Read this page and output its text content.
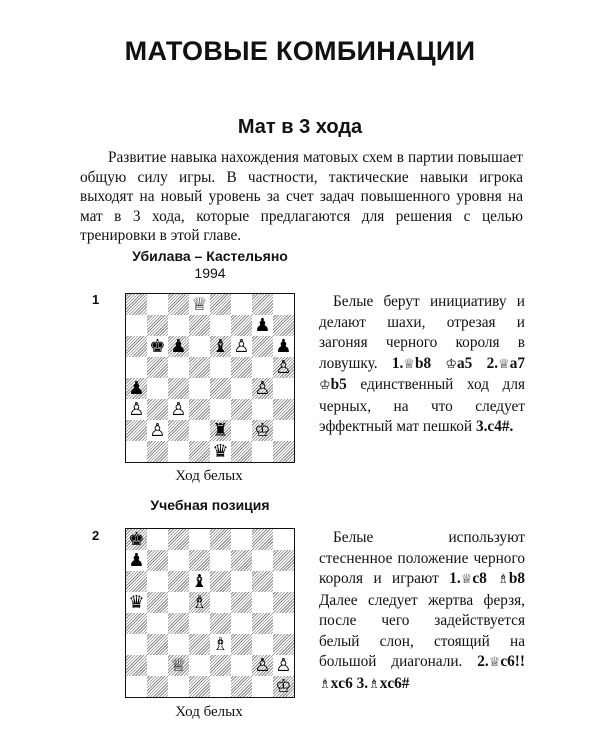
МАТОВЫЕ КОМБИНАЦИИ
Мат в 3 хода

Развитие навыка нахождения матовых схем в партии повышает общую силу игры. В частности, тактические навыки игрока выходят на новый уровень за счет задач повышенного уровня на мат в 3 хода, которые предлагаются для решения с целью тренировки в этой главе.

Убилава – Кастельяно
1994
1	♕
♟
♚ ♟ ♝ ♙ ♟
♙
♟	♙
♙ ♙
♙	♜ ♔
♛
Ход белых

Белые берут инициативу и делают шахи, отрезая и загоняя черного короля в ловушку. 1.♕b8 ♔a5 2.♕a7 ♔b5 единственный ход для черных, на что следует эффектный мат пешкой 3.c4#.

Учебная позиция
2 ♚
♟
♝
♛	♗
♗
♕	♙ ♙
♔
Ход белых

Белые используют стесненное положение черного короля и играют 1.♕c8 ♗b8 Далее следует жертва ферзя, после чего задействуется белый слон, стоящий на большой диагонали. 2.♕c6!! ♗xc6 3.♗xc6#
